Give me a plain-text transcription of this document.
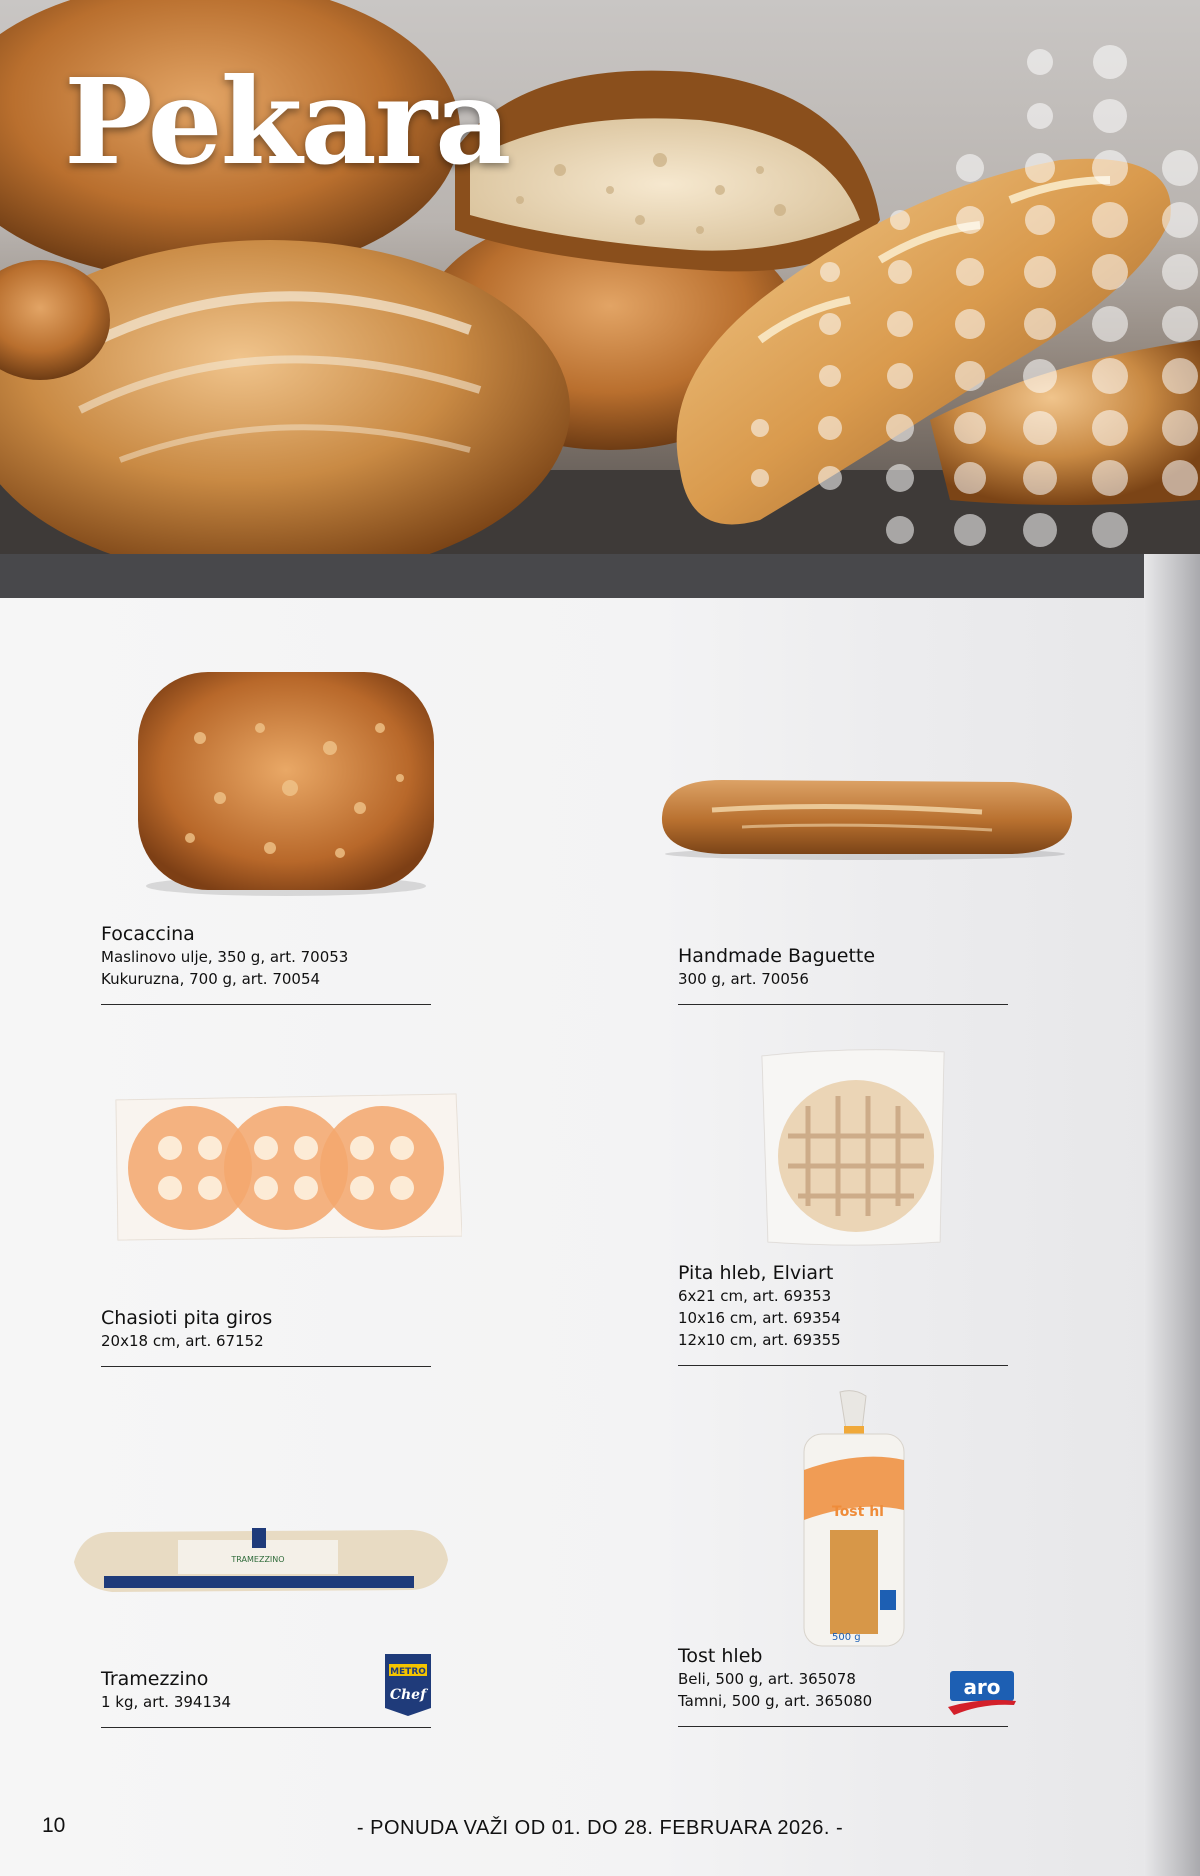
Pekara
TRAMEZZINO
Tost hl
500 g
Focaccina
Maslinovo ulje, 350 g, art. 70053
Kukuruzna, 700 g, art. 70054
Handmade Baguette
300 g, art. 70056
Chasioti pita giros
20x18 cm, art. 67152
Pita hleb, Elviart
6x21 cm, art. 69353
10x16 cm, art. 69354
12x10 cm, art. 69355
Tramezzino
1 kg, art. 394134
Tost hleb
Beli, 500 g, art. 365078
Tamni, 500 g, art. 365080
METRO
Chef	aro
10	- PONUDA VAŽI OD 01. DO 28. FEBRUARA 2026. -
